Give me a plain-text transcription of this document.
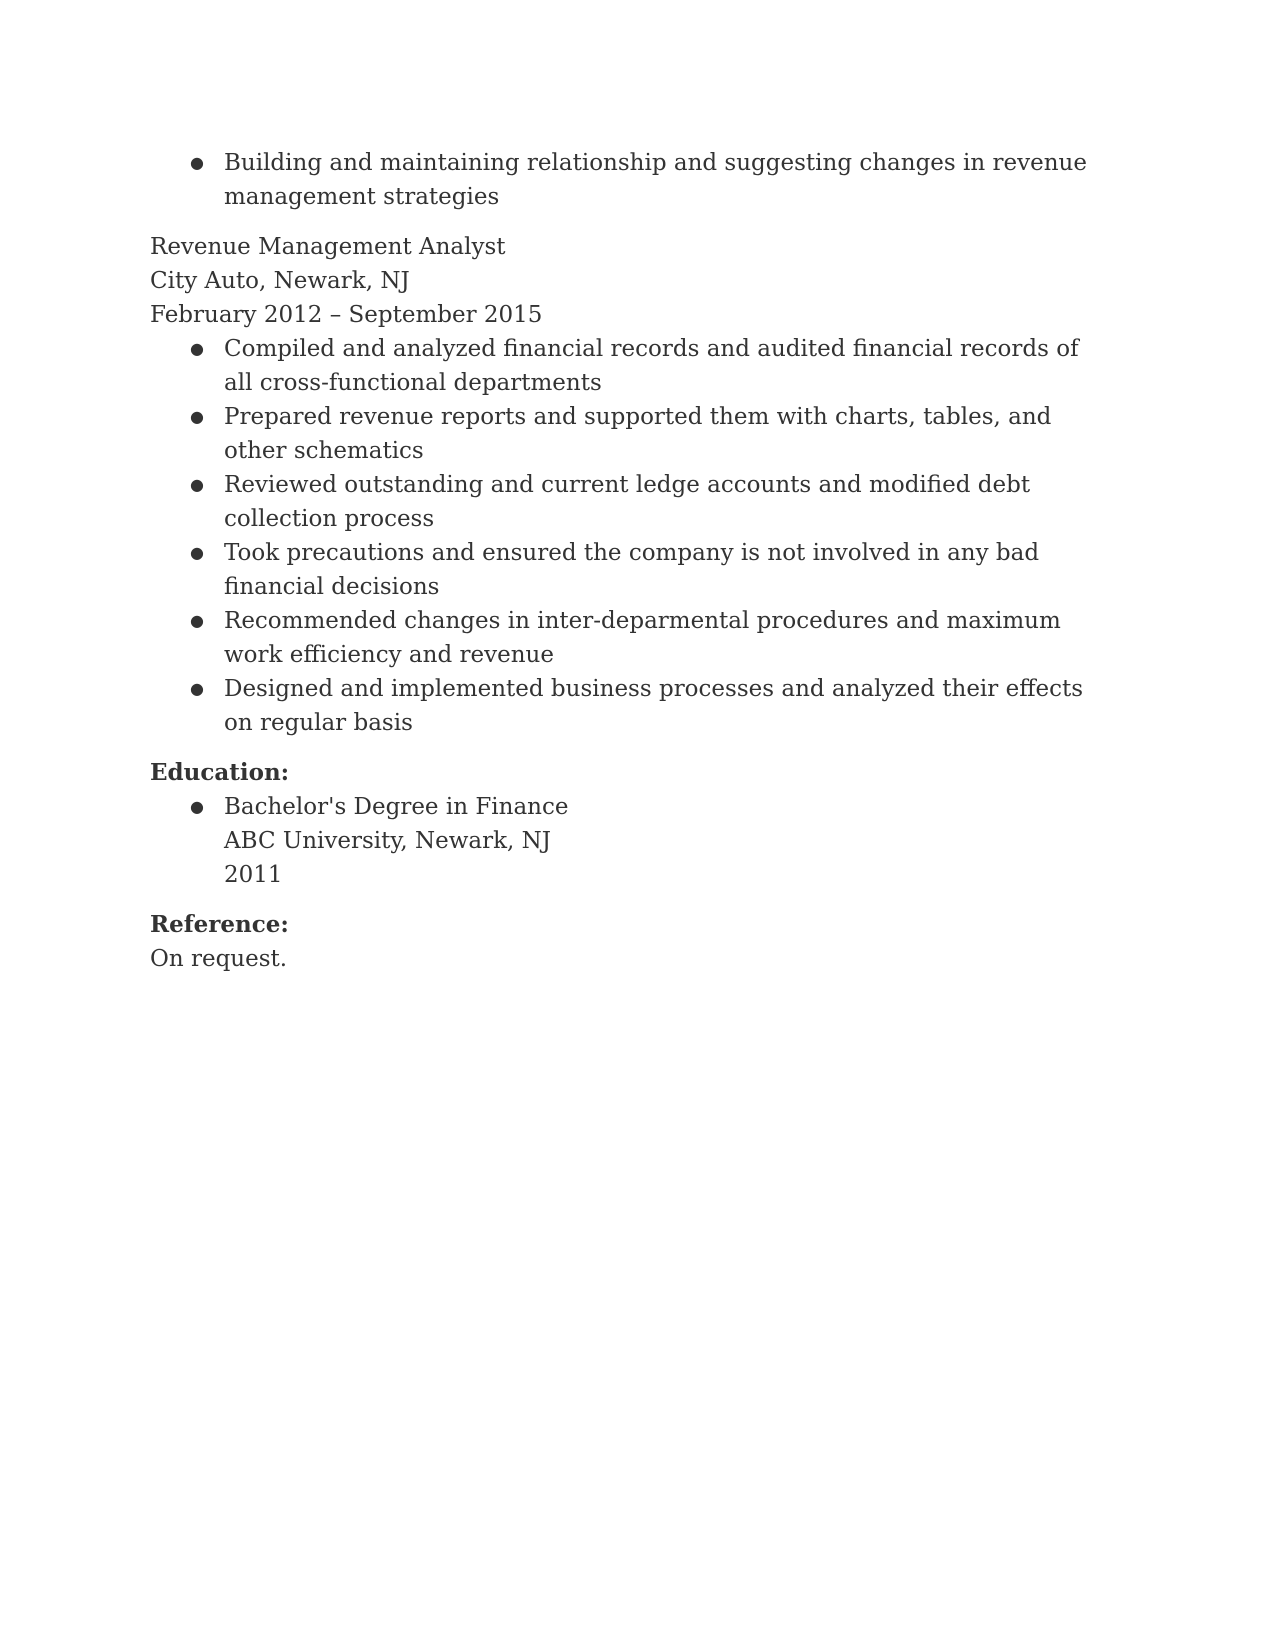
● Building and maintaining relationship and suggesting changes in revenue management strategies
Revenue Management Analyst
City Auto, Newark, NJ
February 2012 – September 2015
● Compiled and analyzed financial records and audited financial records of all cross-functional departments
● Prepared revenue reports and supported them with charts, tables, and other schematics
● Reviewed outstanding and current ledge accounts and modified debt collection process
● Took precautions and ensured the company is not involved in any bad financial decisions
● Recommended changes in inter-deparmental procedures and maximum work efficiency and revenue
● Designed and implemented business processes and analyzed their effects on regular basis
Education:
● Bachelor's Degree in Finance
ABC University, Newark, NJ
2011
Reference:
On request.
